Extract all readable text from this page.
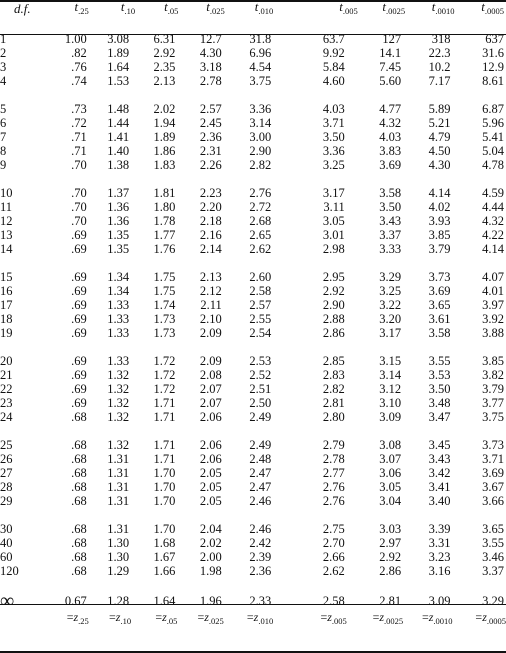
d.f.	$t_{.25}$	$t_{.10}$	$t_{.05}$	$t_{.025}$	$t_{.010}$	$t_{.005}$	$t_{.0025}$	$t_{.0010}$	$t_{.0005}$

1	1.00	3.08	6.31	12.7	31.8	63.7	127	318	637
2	.82	1.89	2.92	4.30	6.96	9.92	14.1	22.3	31.6
3	.76	1.64	2.35	3.18	4.54	5.84	7.45	10.2	12.9
4	.74	1.53	2.13	2.78	3.75	4.60	5.60	7.17	8.61

5	.73	1.48	2.02	2.57	3.36	4.03	4.77	5.89	6.87
6	.72	1.44	1.94	2.45	3.14	3.71	4.32	5.21	5.96
7	.71	1.41	1.89	2.36	3.00	3.50	4.03	4.79	5.41
8	.71	1.40	1.86	2.31	2.90	3.36	3.83	4.50	5.04
9	.70	1.38	1.83	2.26	2.82	3.25	3.69	4.30	4.78

10	.70	1.37	1.81	2.23	2.76	3.17	3.58	4.14	4.59
11	.70	1.36	1.80	2.20	2.72	3.11	3.50	4.02	4.44
12	.70	1.36	1.78	2.18	2.68	3.05	3.43	3.93	4.32
13	.69	1.35	1.77	2.16	2.65	3.01	3.37	3.85	4.22
14	.69	1.35	1.76	2.14	2.62	2.98	3.33	3.79	4.14

15	.69	1.34	1.75	2.13	2.60	2.95	3.29	3.73	4.07
16	.69	1.34	1.75	2.12	2.58	2.92	3.25	3.69	4.01
17	.69	1.33	1.74	2.11	2.57	2.90	3.22	3.65	3.97
18	.69	1.33	1.73	2.10	2.55	2.88	3.20	3.61	3.92
19	.69	1.33	1.73	2.09	2.54	2.86	3.17	3.58	3.88

20	.69	1.33	1.72	2.09	2.53	2.85	3.15	3.55	3.85
21	.69	1.32	1.72	2.08	2.52	2.83	3.14	3.53	3.82
22	.69	1.32	1.72	2.07	2.51	2.82	3.12	3.50	3.79
23	.69	1.32	1.71	2.07	2.50	2.81	3.10	3.48	3.77
24	.68	1.32	1.71	2.06	2.49	2.80	3.09	3.47	3.75

25	.68	1.32	1.71	2.06	2.49	2.79	3.08	3.45	3.73
26	.68	1.31	1.71	2.06	2.48	2.78	3.07	3.43	3.71
27	.68	1.31	1.70	2.05	2.47	2.77	3.06	3.42	3.69
28	.68	1.31	1.70	2.05	2.47	2.76	3.05	3.41	3.67
29	.68	1.31	1.70	2.05	2.46	2.76	3.04	3.40	3.66

30	.68	1.31	1.70	2.04	2.46	2.75	3.03	3.39	3.65
40	.68	1.30	1.68	2.02	2.42	2.70	2.97	3.31	3.55
60	.68	1.30	1.67	2.00	2.39	2.66	2.92	3.23	3.46
120	.68	1.29	1.66	1.98	2.36	2.62	2.86	3.16	3.37

∞	0.67	1.28	1.64	1.96	2.33	2.58	2.81	3.09	3.29
	$=z_{.25}$	$=z_{.10}$	$=z_{.05}$	$=z_{.025}$	$=z_{.010}$	$=z_{.005}$	$=z_{.0025}$	$=z_{.0010}$	$=z_{.0005}$
